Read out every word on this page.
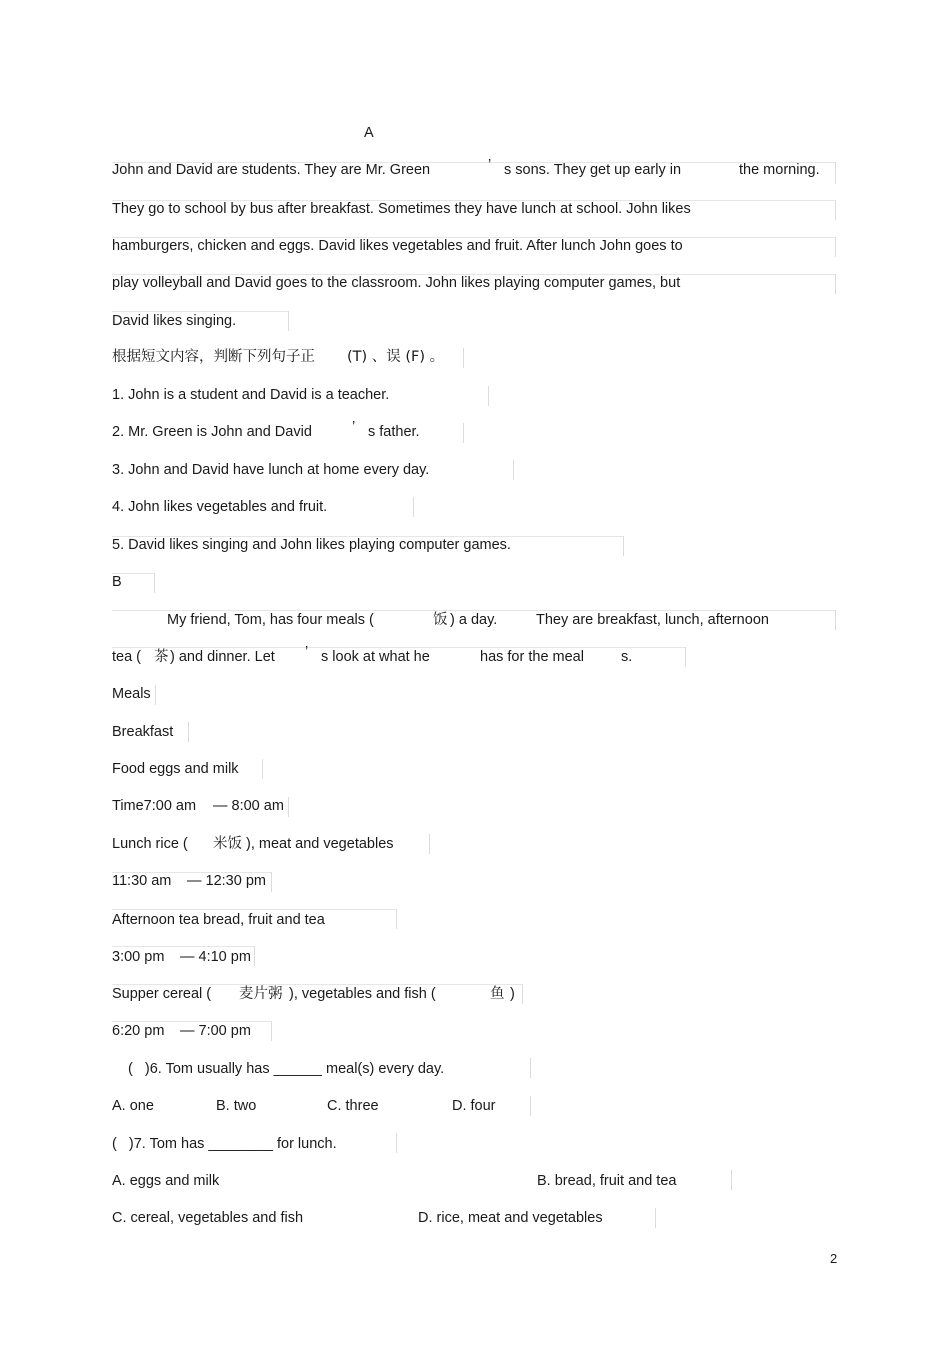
A
John and David are students. They are Mr. Green	’ s sons. They get up early in	the morning.
They go to school by bus after breakfast. Sometimes they have lunch at school. John likes
hamburgers, chicken and eggs. David likes vegetables and fruit. After lunch John goes to
play volleyball and David goes to the classroom. John likes playing computer games, but
David likes singing.
根据短文内容，判断下列句子正 (T) 、误 (F) 。
1. John is a student and David is a teacher.
2. Mr. Green is John and David	’ s father.
3. John and David have lunch at home every day.
4. John likes vegetables and fruit.
5. David likes singing and John likes playing computer games.
B
My friend, Tom, has four meals (	饭 ) a day.	They are breakfast, lunch, afternoon
tea ( 茶 ) and dinner. Let ’ s look at what he	has for the meal	s.
Meals
Breakfast
Food eggs and milk
Time7:00 am — 8:00 am
Lunch rice ( 米饭 ), meat and vegetables
11:30 am — 12:30 pm
Afternoon tea bread, fruit and tea
3:00 pm — 4:10 pm
Supper cereal ( 麦片粥 ), vegetables and fish (	鱼 )
6:20 pm — 7:00 pm
(   )6. Tom usually has ______ meal(s) every day.
A. one	B. two	C. three	D. four
(   )7. Tom has ________ for lunch.
A. eggs and milk	B. bread, fruit and tea
C. cereal, vegetables and fish	D. rice, meat and vegetables
2
